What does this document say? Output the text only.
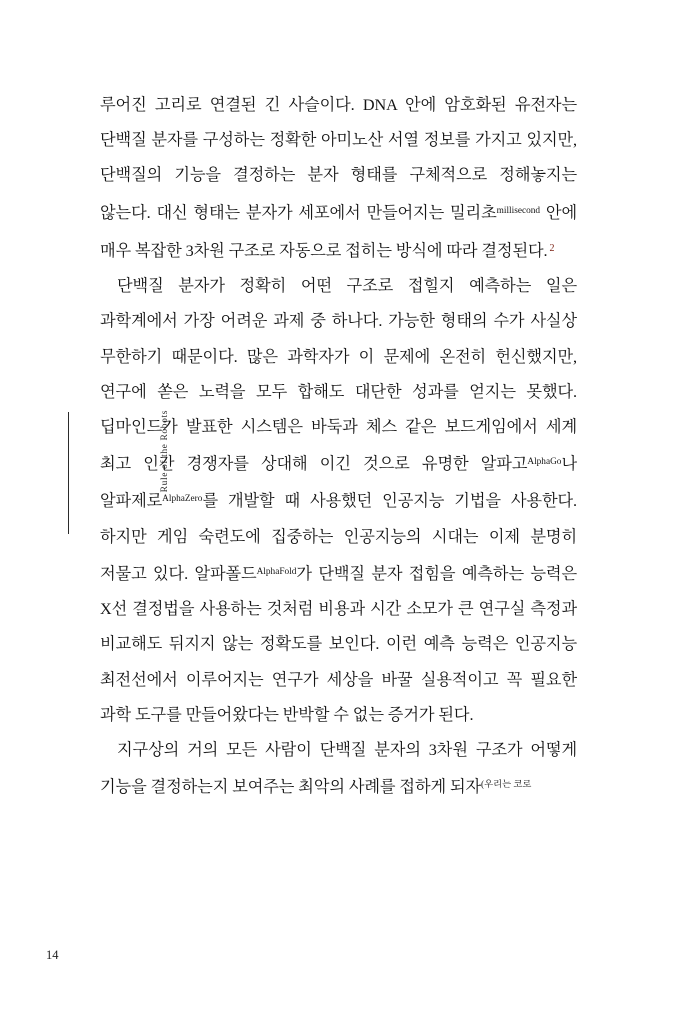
Rule of the Robots

루어진 고리로 연결된 긴 사슬이다. DNA 안에 암호화된 유전자는 단백질 분자를 구성하는 정확한 아미노산 서열 정보를 가지고 있지만, 단백질의 기능을 결정하는 분자 형태를 구체적으로 정해놓지는 않는다. 대신 형태는 분자가 세포에서 만들어지는 밀리초$^{millisecond}$ 안에 매우 복잡한 3차원 구조로 자동으로 접히는 방식에 따라 결정된다. $^2$

단백질 분자가 정확히 어떤 구조로 접힐지 예측하는 일은 과학계에서 가장 어려운 과제 중 하나다. 가능한 형태의 수가 사실상 무한하기 때문이다. 많은 과학자가 이 문제에 온전히 헌신했지만, 연구에 쏟은 노력을 모두 합해도 대단한 성과를 얻지는 못했다. 딥마인드가 발표한 시스템은 바둑과 체스 같은 보드게임에서 세계 최고 인간 경쟁자를 상대해 이긴 것으로 유명한 알파고$^{AlphaGo}$나 알파제로$^{AlphaZero}$를 개발할 때 사용했던 인공지능 기법을 사용한다. 하지만 게임 숙련도에 집중하는 인공지능의 시대는 이제 분명히 저물고 있다. 알파폴드$^{AlphaFold}$가 단백질 분자 접힘을 예측하는 능력은 X선 결정법을 사용하는 것처럼 비용과 시간 소모가 큰 연구실 측정과 비교해도 뒤지지 않는 정확도를 보인다. 이런 예측 능력은 인공지능 최전선에서 이루어지는 연구가 세상을 바꿀 실용적이고 꼭 필요한 과학 도구를 만들어왔다는 반박할 수 없는 증거가 된다.

지구상의 거의 모든 사람이 단백질 분자의 3차원 구조가 어떻게 기능을 결정하는지 보여주는 최악의 사례를 접하게 되자$^{(우리는 코로}$

14
